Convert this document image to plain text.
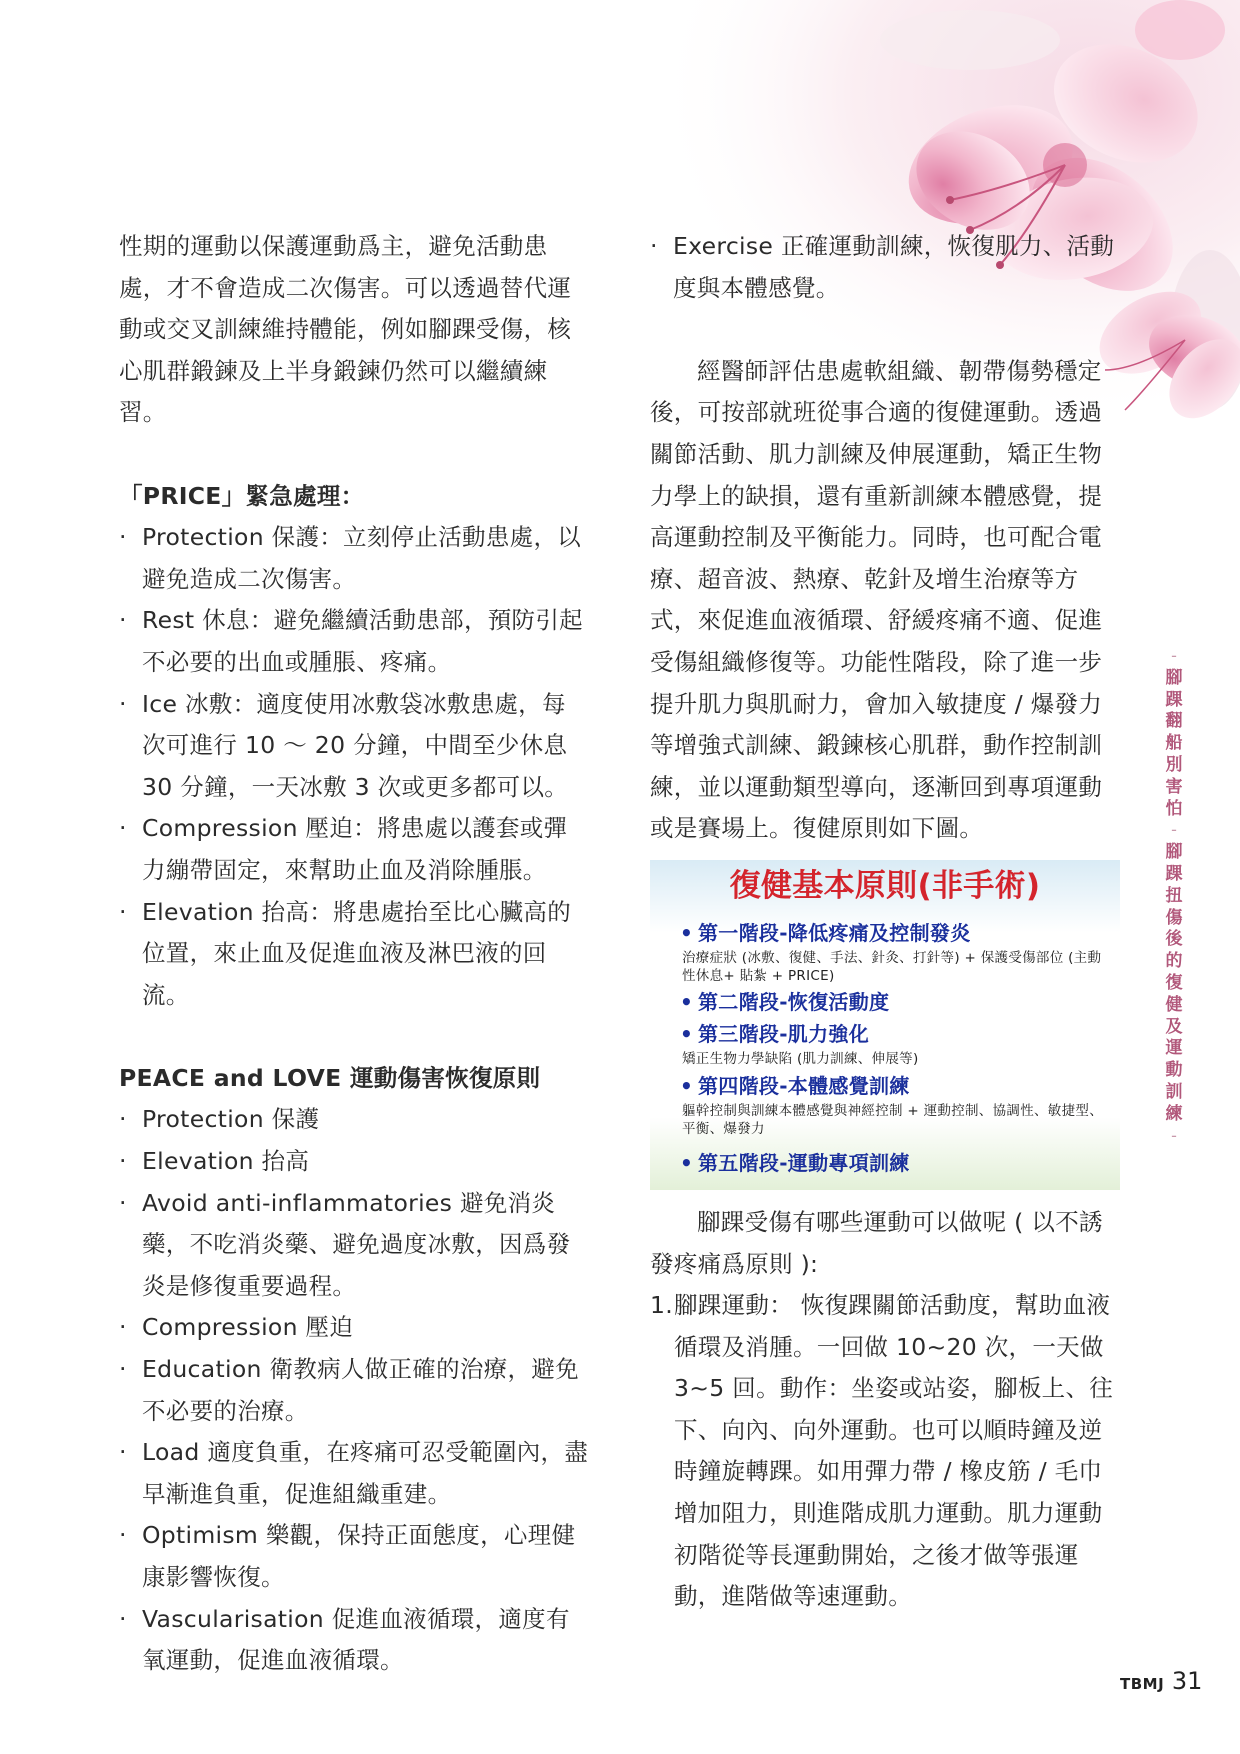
性期的運動以保護運動爲主，避免活動患處，才不會造成二次傷害。可以透過替代運動或交叉訓練維持體能，例如腳踝受傷，核心肌群鍛鍊及上半身鍛鍊仍然可以繼續練習。

「PRICE」緊急處理：

‧ Protection 保護：立刻停止活動患處，以避免造成二次傷害。

‧ Rest 休息：避免繼續活動患部，預防引起不必要的出血或腫脹、疼痛。

‧ Ice 冰敷：適度使用冰敷袋冰敷患處，每次可進行 10 ～ 20 分鐘，中間至少休息 30 分鐘，一天冰敷 3 次或更多都可以。

‧ Compression 壓迫：將患處以護套或彈力繃帶固定，來幫助止血及消除腫脹。

‧ Elevation 抬高：將患處抬至比心臟高的位置，來止血及促進血液及淋巴液的回流。

PEACE and LOVE 運動傷害恢復原則

‧ Protection 保護

‧ Elevation 抬高

‧ Avoid anti-inflammatories 避免消炎藥，不吃消炎藥、避免過度冰敷，因爲發炎是修復重要過程。

‧ Compression 壓迫

‧ Education 衛教病人做正確的治療，避免不必要的治療。

‧ Load 適度負重，在疼痛可忍受範圍內，盡早漸進負重，促進組織重建。

‧ Optimism 樂觀，保持正面態度，心理健康影響恢復。

‧ Vascularisation 促進血液循環，適度有氧運動，促進血液循環。

‧ Exercise 正確運動訓練，恢復肌力、活動度與本體感覺。

經醫師評估患處軟組織、韌帶傷勢穩定後，可按部就班從事合適的復健運動。透過關節活動、肌力訓練及伸展運動，矯正生物力學上的缺損，還有重新訓練本體感覺，提高運動控制及平衡能力。同時，也可配合電療、超音波、熱療、乾針及增生治療等方式，來促進血液循環、舒緩疼痛不適、促進受傷組織修復等。功能性階段，除了進一步提升肌力與肌耐力，會加入敏捷度 / 爆發力等增強式訓練、鍛鍊核心肌群，動作控制訓練，並以運動類型導向，逐漸回到專項運動或是賽場上。復健原則如下圖。

復健基本原則(非手術)
• 第一階段-降低疼痛及控制發炎
治療症狀 (冰敷、復健、手法、針灸、打針等) + 保護受傷部位 (主動性休息+ 貼紮 + PRICE)
• 第二階段-恢復活動度
• 第三階段-肌力強化
矯正生物力學缺陷 (肌力訓練、伸展等)
• 第四階段-本體感覺訓練
軀幹控制與訓練本體感覺與神經控制 + 運動控制、協調性、敏捷型、平衡、爆發力
• 第五階段-運動專項訓練

腳踝受傷有哪些運動可以做呢 ( 以不誘發疼痛爲原則 ):

1.腳踝運動： 恢復踝關節活動度，幫助血液循環及消腫。一回做 10~20 次，一天做 3~5 回。動作：坐姿或站姿，腳板上、往下、向內、向外運動。也可以順時鐘及逆時鐘旋轉踝。如用彈力帶 / 橡皮筋 / 毛巾增加阻力，則進階成肌力運動。肌力運動初階從等長運動開始，之後才做等張運動，進階做等速運動。

-
腳踝翻船別害怕
-
腳踝扭傷後的復健及運動訓練
-
TBMJ 31
